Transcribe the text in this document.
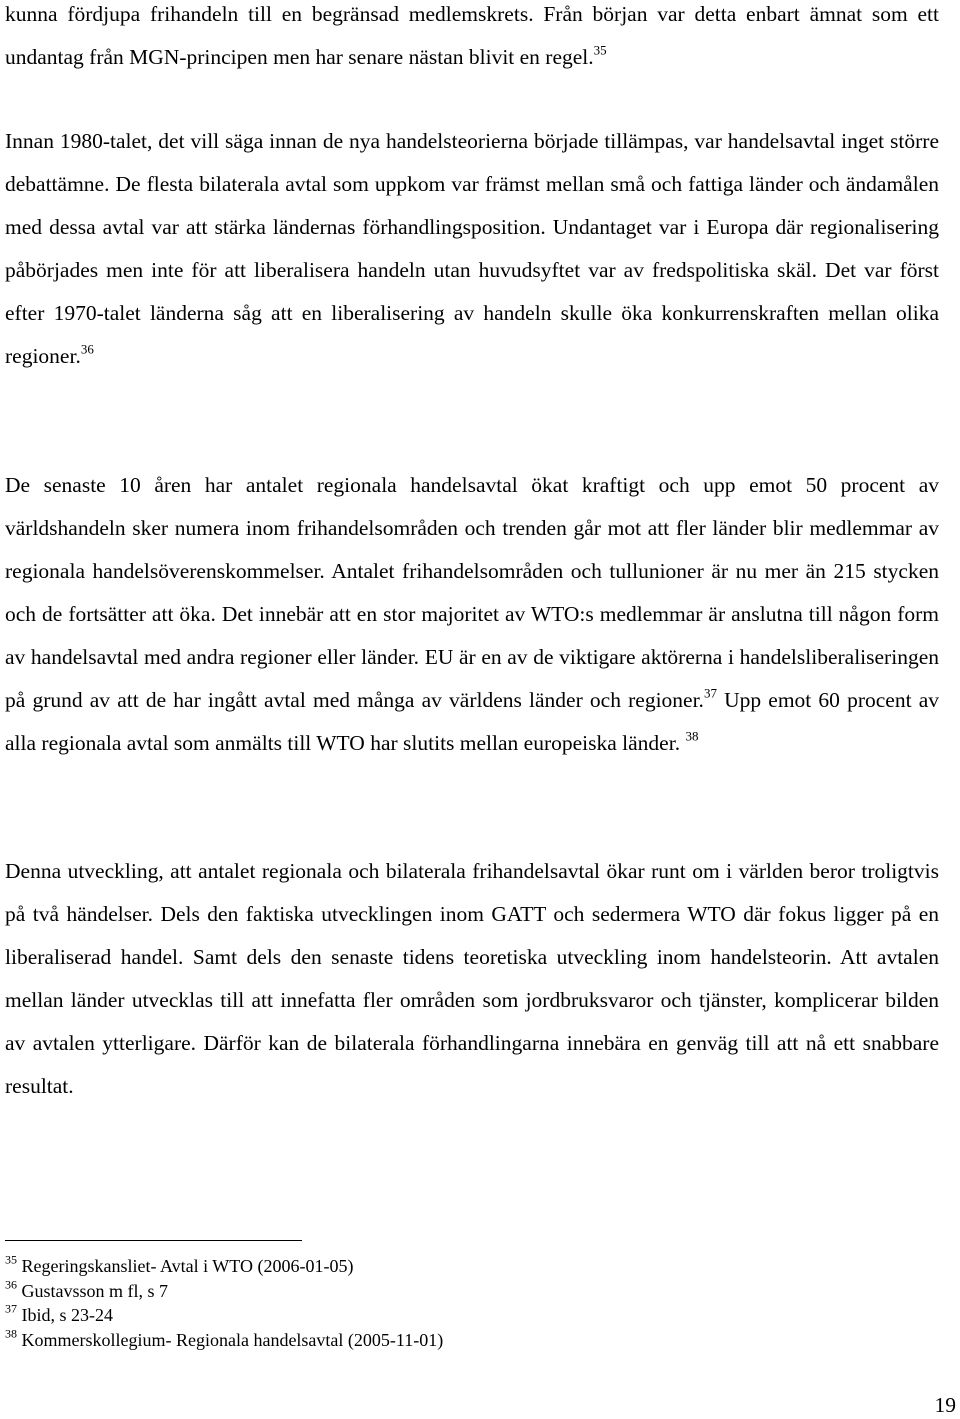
kunna fördjupa frihandeln till en begränsad medlemskrets. Från början var detta enbart ämnat som ett undantag från MGN-principen men har senare nästan blivit en regel.$^{35}$

Innan 1980-talet, det vill säga innan de nya handelsteorierna började tillämpas, var handelsavtal inget större debattämne. De flesta bilaterala avtal som uppkom var främst mellan små och fattiga länder och ändamålen med dessa avtal var att stärka ländernas förhandlingsposition. Undantaget var i Europa där regionalisering påbörjades men inte för att liberalisera handeln utan huvudsyftet var av fredspolitiska skäl. Det var först efter 1970-talet länderna såg att en liberalisering av handeln skulle öka konkurrenskraften mellan olika regioner.$^{36}$

De senaste 10 åren har antalet regionala handelsavtal ökat kraftigt och upp emot 50 procent av världshandeln sker numera inom frihandelsområden och trenden går mot att fler länder blir medlemmar av regionala handelsöverenskommelser. Antalet frihandelsområden och tullunioner är nu mer än 215 stycken och de fortsätter att öka. Det innebär att en stor majoritet av WTO:s medlemmar är anslutna till någon form av handelsavtal med andra regioner eller länder. EU är en av de viktigare aktörerna i handelsliberaliseringen på grund av att de har ingått avtal med många av världens länder och regioner.$^{37}$ Upp emot 60 procent av alla regionala avtal som anmälts till WTO har slutits mellan europeiska länder. $^{38}$

Denna utveckling, att antalet regionala och bilaterala frihandelsavtal ökar runt om i världen beror troligtvis på två händelser. Dels den faktiska utvecklingen inom GATT och sedermera WTO där fokus ligger på en liberaliserad handel. Samt dels den senaste tidens teoretiska utveckling inom handelsteorin. Att avtalen mellan länder utvecklas till att innefatta fler områden som jordbruksvaror och tjänster, komplicerar bilden av avtalen ytterligare. Därför kan de bilaterala förhandlingarna innebära en genväg till att nå ett snabbare resultat.

$^{35}$ Regeringskansliet- Avtal i WTO (2006-01-05)
$^{36}$ Gustavsson m fl, s 7
$^{37}$ Ibid, s 23-24
$^{38}$ Kommerskollegium- Regionala handelsavtal (2005-11-01)
19
